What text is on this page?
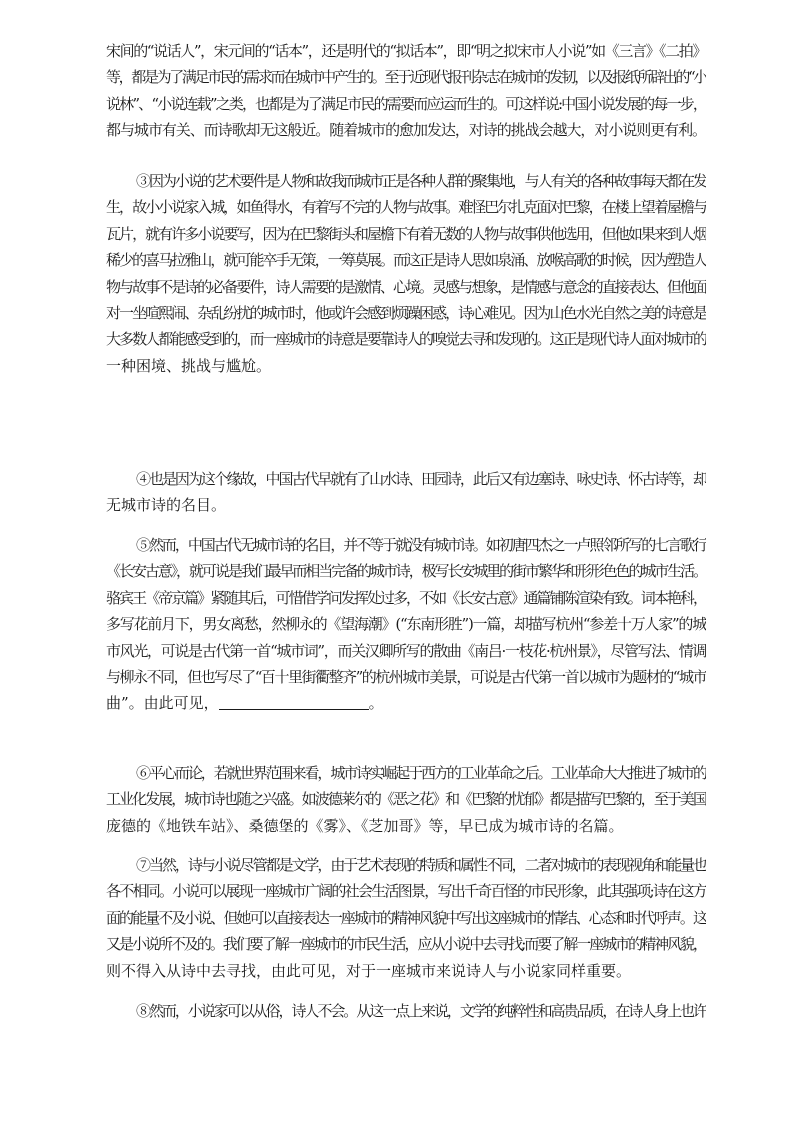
宋间的“说话人”，宋元间的“话本”，还是明代的“拟话本”，即“明之拟宋市人小说”如《三言》《二拍》
等，都是为了满足市民的需求而在城市中产生的。至于近现代报刊杂志在城市的发韧，以及报纸所辟出的“小
说林”、“小说连载”之类，也都是为了满足市民的需要而应运而生的。可这样说:中国小说发展的每一步，
都与城市有关、而诗歌却无这般近。随着城市的愈加发达，对诗的挑战会越大，对小说则更有利。
③因为小说的艺术要件是人物和故我而城市正是各种人群的聚集地，与人有关的各种故事每天都在发
生，故小小说家入城，如鱼得水，有着写不完的人物与故事。难怪巴尔扎克面对巴黎，在楼上望着屋檐与
瓦片，就有许多小说要写，因为在巴黎街头和屋檐下有着无数的人物与故事供他选用，但他如果来到人烟
稀少的喜马拉雅山，就可能卒手无策，一筹莫展。而这正是诗人思如泉涌、放喉高歌的时候，因为塑造人
物与故事不是诗的必备要件，诗人需要的是激情、心境。灵感与想象，是情感与意念的直接表达、但他面
对一坐喧熙闹、杂乱纷扰的城市时，他或许会感到烦躁困惑，诗心难见。因为山色水光自然之美的诗意是
大多数人都能感受到的，而一座城市的诗意是要靠诗人的嗅觉去寻和发现的。这正是现代诗人面对城市的
一种困境、挑战与尴尬。
④也是因为这个缘故，中国古代早就有了山水诗、田园诗，此后又有边塞诗、咏史诗、怀古诗等，却
无城市诗的名目。
⑤然而，中国古代无城市诗的名目，并不等于就没有城市诗。如初唐四杰之一卢照邻所写的七言歌行
《长安古意》，就可说是我们最早而相当完备的城市诗，极写长安城里的街市繁华和形形色色的城市生活。
骆宾王《帝京篇》紧随其后，可惜借学问发挥处过多，不如《长安古意》通篇铺陈渲染有致。词本艳科，
多写花前月下，男女离愁，然柳永的《望海潮》(“东南形胜”)一篇，却描写杭州“参差十万人家”的城
市风光，可说是古代第一首“城市词”，而关汉卿所写的散曲《南吕·一枝花·杭州景》，尽管写法、情调
与柳永不同，但也写尽了“百十里街衢整齐”的杭州城市美景，可说是古代第一首以城市为题材的“城市
曲”。由此可见，	。
⑥平心而论，若就世界范围来看，城市诗实崛起于西方的工业革命之后。工业革命大大推进了城市的
工业化发展，城市诗也随之兴盛。如波德莱尔的《恶之花》和《巴黎的忧郁》都是描写巴黎的，至于美国
庞德的《地铁车站》、桑德堡的《雾》、《芝加哥》等，早已成为城市诗的名篇。
⑦当然，诗与小说尽管都是文学，由于艺术表现的特质和属性不同，二者对城市的表现视角和能量也
各不相同。小说可以展现一座城市广阔的社会生活图景，写出千奇百怪的市民形象，此其强项;诗在这方
面的能量不及小说、但她可以直接表达一座城市的精神风貌中写出这座城市的情结、心态和时代呼声。这
又是小说所不及的。我们要了解一座城市的市民生活，应从小说中去寻找;而要了解一座城市的精神风貌，
则不得入从诗中去寻找，由此可见，对于一座城市来说诗人与小说家同样重要。
⑧然而，小说家可以从俗，诗人不会。从这一点上来说，文学的纯粹性和高贵品质，在诗人身上也许
